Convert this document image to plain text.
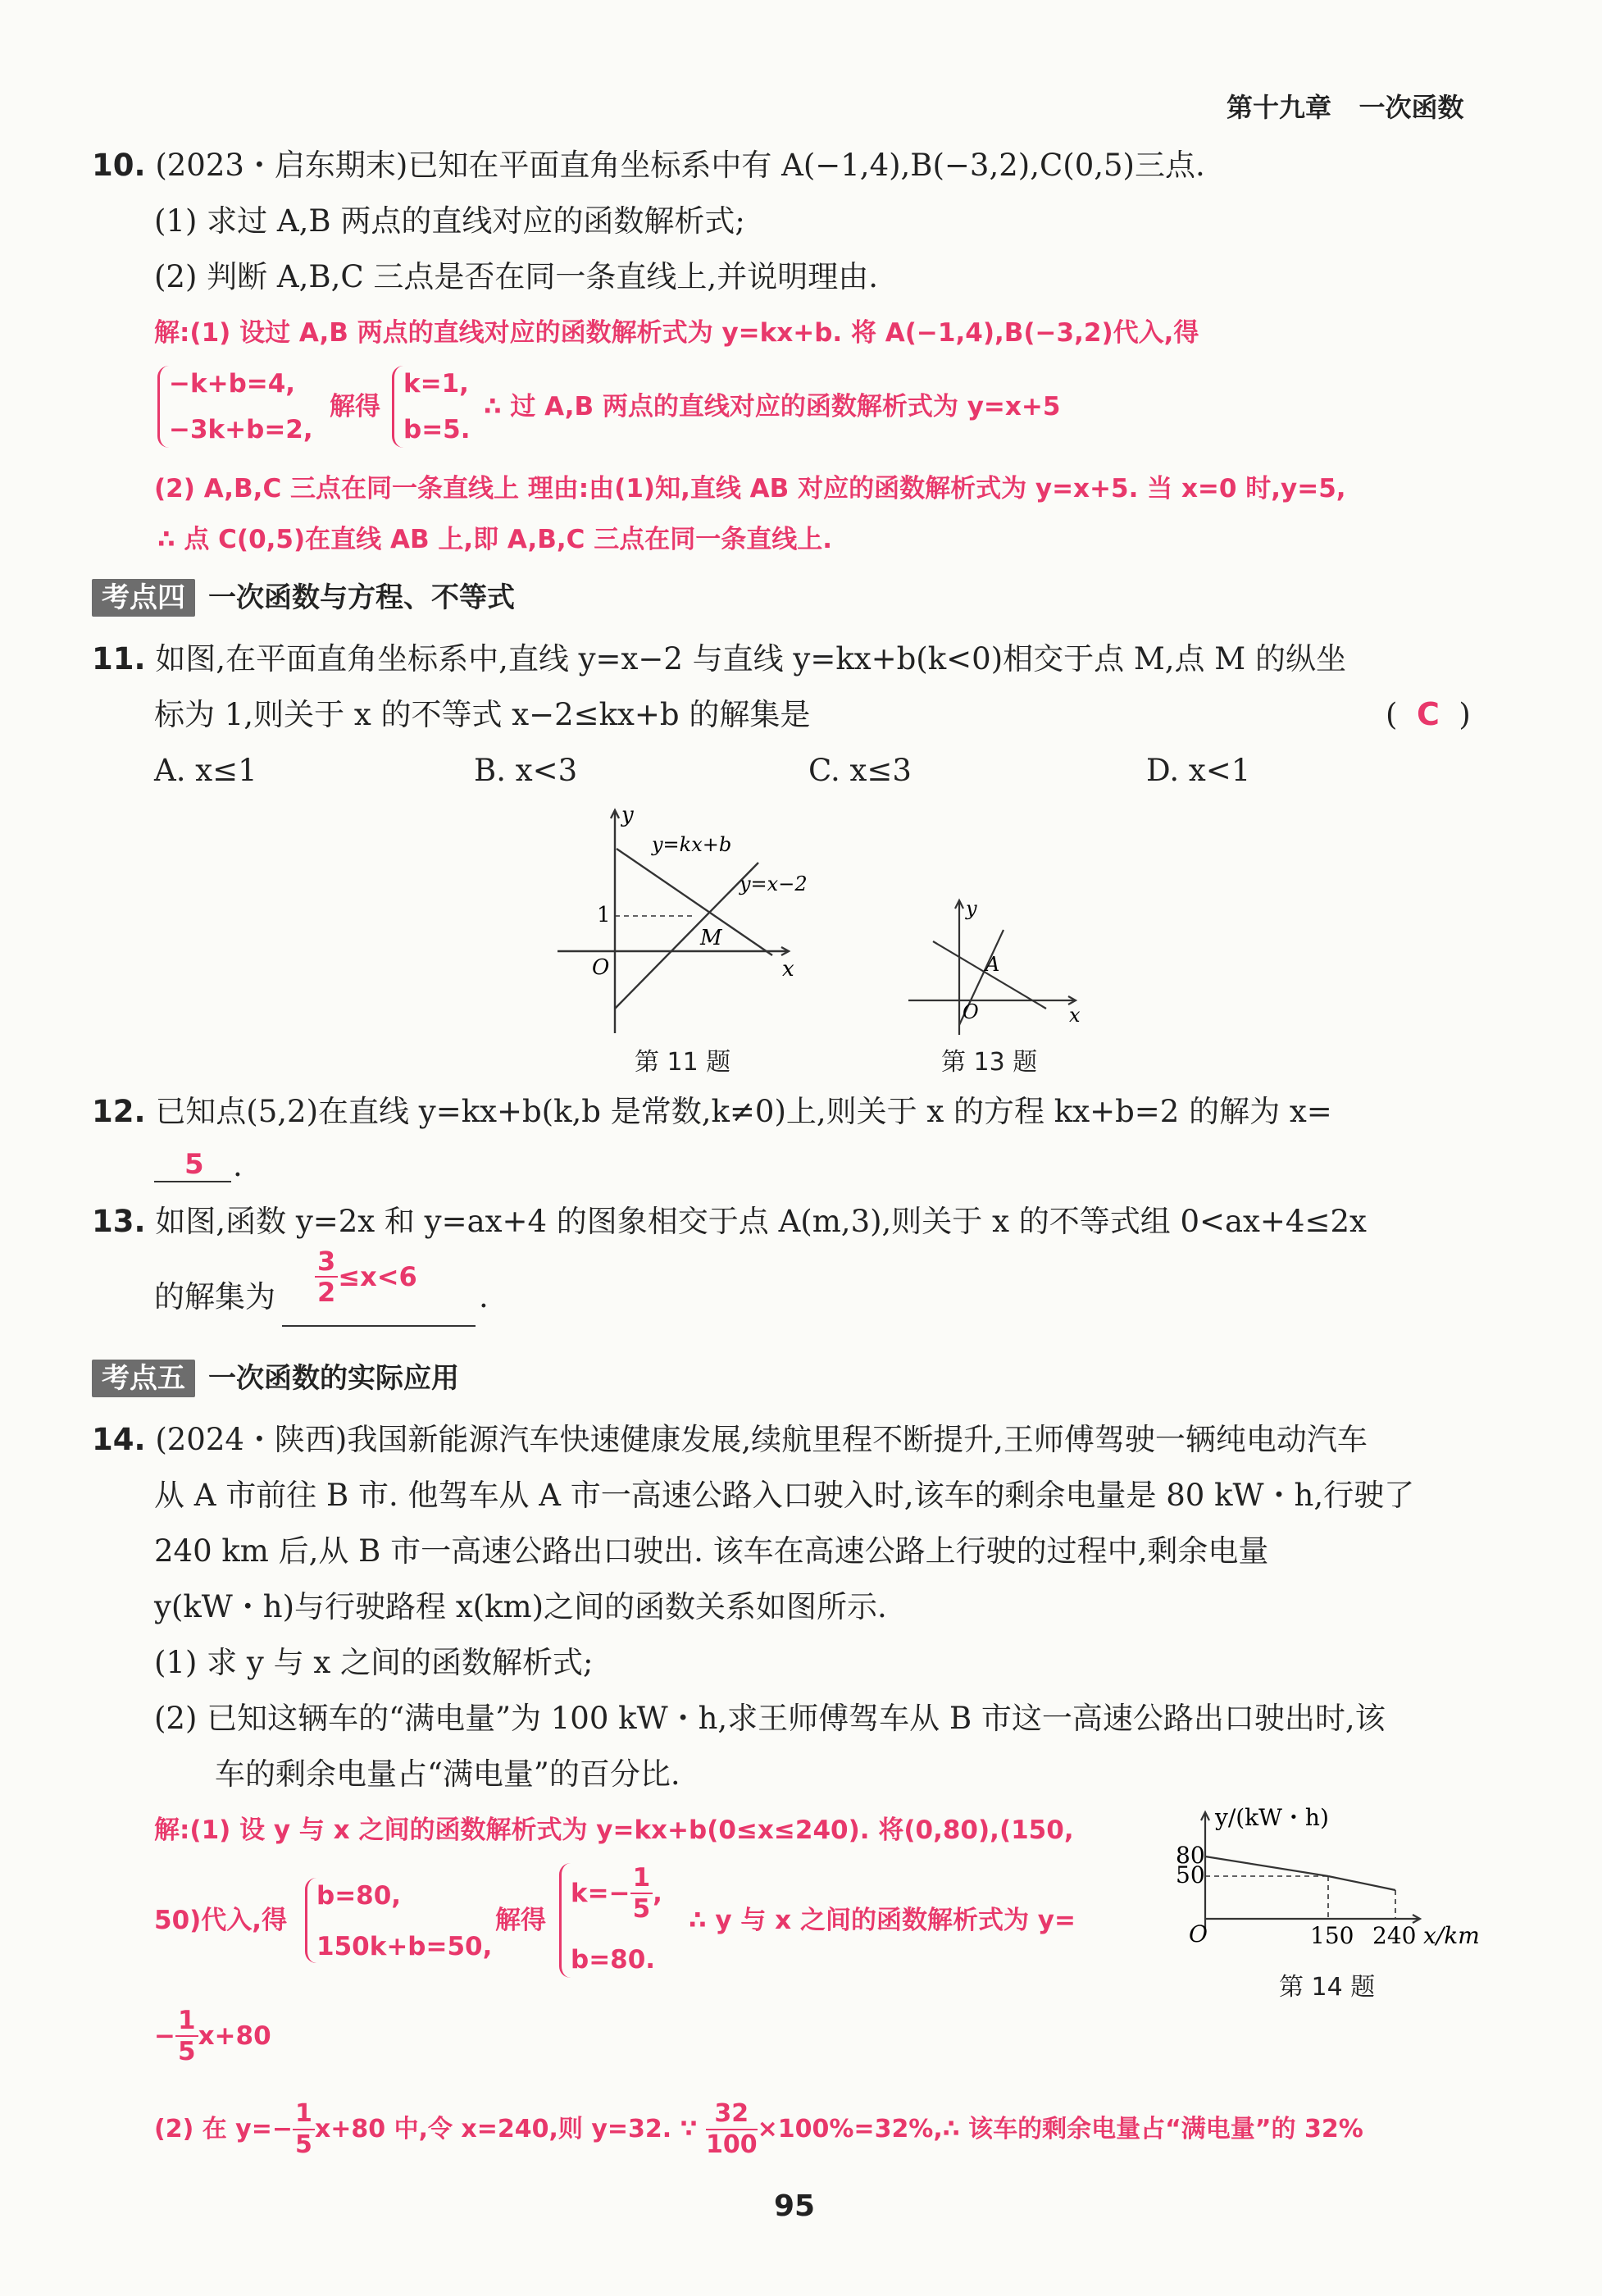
第十九章 一次函数
10. (2023・启东期末)已知在平面直角坐标系中有 A(−1,4),B(−3,2),C(0,5)三点.
(1) 求过 A,B 两点的直线对应的函数解析式;
(2) 判断 A,B,C 三点是否在同一条直线上,并说明理由.
解:(1) 设过 A,B 两点的直线对应的函数解析式为 y=kx+b. 将 A(−1,4),B(−3,2)代入,得
−k+b=4,
−3k+b=2,
解得
k=1,
b=5.
∴ 过 A,B 两点的直线对应的函数解析式为 y=x+5
(2) A,B,C 三点在同一条直线上 理由:由(1)知,直线 AB 对应的函数解析式为 y=x+5. 当 x=0 时,y=5,
∴ 点 C(0,5)在直线 AB 上,即 A,B,C 三点在同一条直线上.
考点四 一次函数与方程、不等式
11. 如图,在平面直角坐标系中,直线 y=x−2 与直线 y=kx+b(k<0)相交于点 M,点 M 的纵坐
标为 1,则关于 x 的不等式 x−2≤kx+b 的解集是	( C )
A. x≤1	B. x<3	C. x≤3	D. x<1
y
x
O
1
y=kx+b
y=x−2
M
第 11 题
y
x
O
A
第 13 题
12. 已知点(5,2)在直线 y=kx+b(k,b 是常数,k≠0)上,则关于 x 的方程 kx+b=2 的解为 x=
5 .
13. 如图,函数 y=2x 和 y=ax+4 的图象相交于点 A(m,3),则关于 x 的不等式组 0<ax+4≤2x
的解集为 $\frac{3}{2} \le x<6$
.
考点五 一次函数的实际应用
14. (2024・陕西)我国新能源汽车快速健康发展,续航里程不断提升,王师傅驾驶一辆纯电动汽车
从 A 市前往 B 市. 他驾车从 A 市一高速公路入口驶入时,该车的剩余电量是 80 kW・h,行驶了
240 km 后,从 B 市一高速公路出口驶出. 该车在高速公路上行驶的过程中,剩余电量
y(kW・h)与行驶路程 x(km)之间的函数关系如图所示.
(1) 求 y 与 x 之间的函数解析式;
(2) 已知这辆车的“满电量”为 100 kW・h,求王师傅驾车从 B 市这一高速公路出口驶出时,该
车的剩余电量占“满电量”的百分比.
解:(1) 设 y 与 x 之间的函数解析式为 y=kx+b(0≤x≤240). 将(0,80),(150,
50)代入,得
b=80,
150k+b=50,
解得
$k=- \frac{1}{5}$ ,
b=80.
∴ y 与 x 之间的函数解析式为 y=
− $\frac{1}{5} x+80$
(2) 在 $y=- \frac{1}{5} x+80$ 中,令 x=240,则 y=32. ∵ $\frac{32}{100}$ ×100%=32%,∴ 该车的剩余电量占“满电量”的 32%
y/(kW・h)
80
50
O	150 240 x/km
第 14 题
95
